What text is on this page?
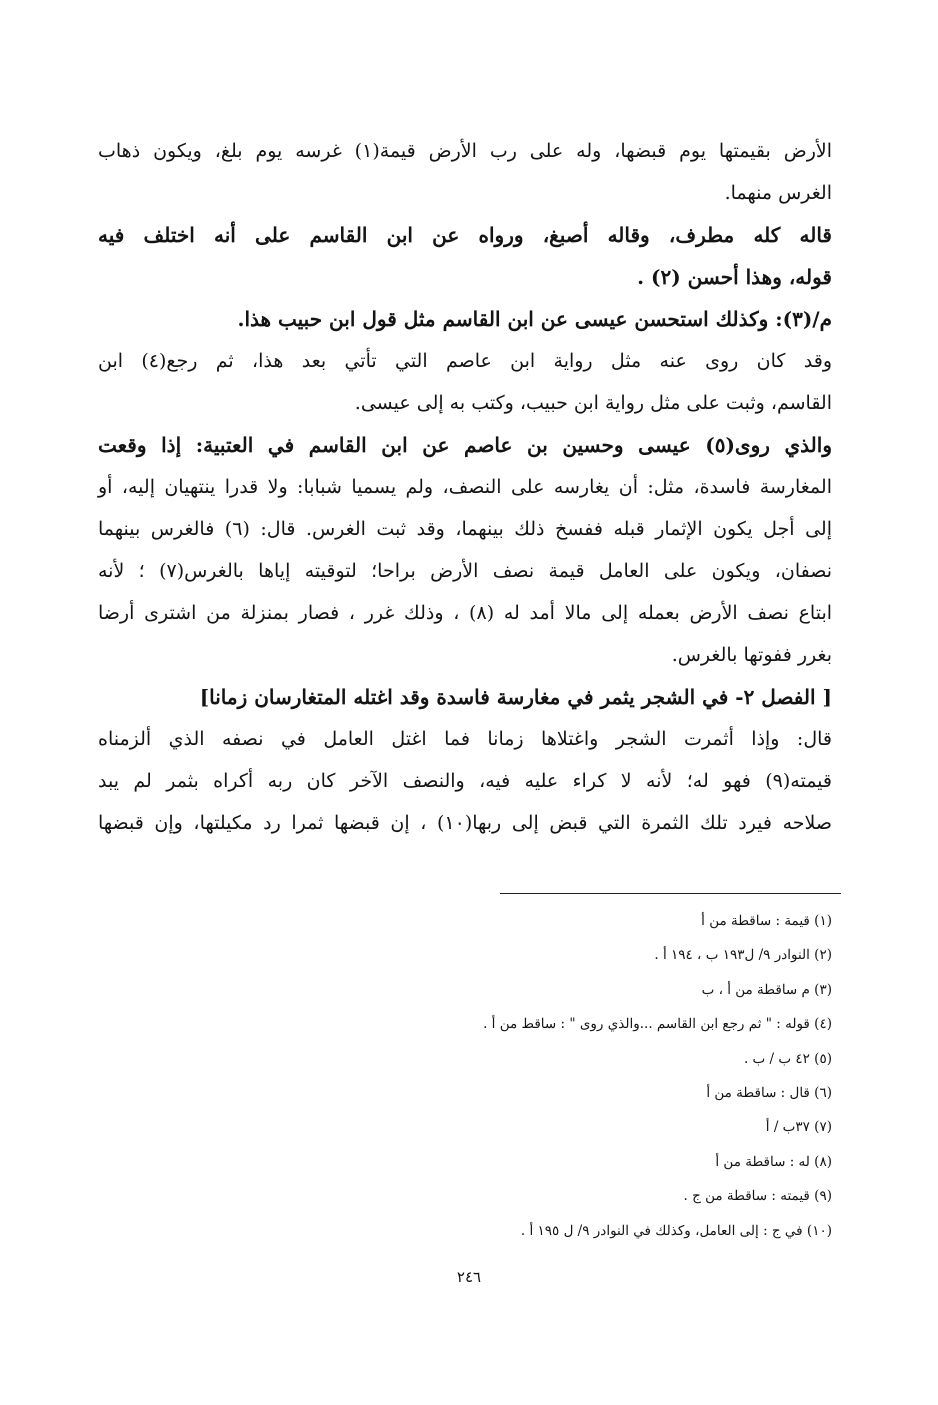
الأرض بقيمتها يوم قبضها، وله على رب الأرض قيمة(١) غرسه يوم بلغ، ويكون ذهاب
الغرس منهما.
قاله كله مطرف، وقاله أصبغ، ورواه عن ابن القاسم على أنه اختلف فيه
قوله، وهذا أحسن (٢) .
م/(٣): وكذلك استحسن عيسى عن ابن القاسم مثل قول ابن حبيب هذا.
وقد كان روى عنه مثل رواية ابن عاصم التي تأتي بعد هذا، ثم رجع(٤) ابن
القاسم، وثبت على مثل رواية ابن حبيب، وكتب به إلى عيسى.
والذي روى(٥) عيسى وحسين بن عاصم عن ابن القاسم في العتبية: إذا وقعت
المغارسة فاسدة، مثل: أن يغارسه على النصف، ولم يسميا شبابا: ولا قدرا ينتهيان إليه، أو
إلى أجل يكون الإثمار قبله ففسخ ذلك بينهما، وقد ثبت الغرس. قال: (٦) فالغرس بينهما
نصفان، ويكون على العامل قيمة نصف الأرض براحا؛ لتوقيته إياها بالغرس(٧) ؛ لأنه
ابتاع نصف الأرض بعمله إلى مالا أمد له (٨) ، وذلك غرر ، فصار بمنزلة من اشترى أرضا
بغرر ففوتها بالغرس.
[ الفصل ٢- في الشجر يثمر في مغارسة فاسدة وقد اغتله المتغارسان زمانا]
قال: وإذا أثمرت الشجر واغتلاها زمانا فما اغتل العامل في نصفه الذي ألزمناه
قيمته(٩) فهو له؛ لأنه لا كراء عليه فيه، والنصف الآخر كان ربه أكراه بثمر لم يبد
صلاحه فيرد تلك الثمرة التي قبض إلى ربها(١٠) ، إن قبضها ثمرا رد مكيلتها، وإن قبضها
(١) قيمة : ساقطة من أ
(٢) النوادر ٩/ ل١٩٣ ب ، ١٩٤ أ .
(٣) م ساقطة من أ ، ب
(٤) قوله : " ثم رجع ابن القاسم ...والذي روى " : ساقط من أ .
(٥) ٤٢ ب / ب .
(٦) قال : ساقطة من أ
(٧) ٣٧ب / أ
(٨) له : ساقطة من أ
(٩) قيمته : ساقطة من ج .
(١٠) في ج : إلى العامل، وكذلك في النوادر ٩/ ل ١٩٥ أ .
٢٤٦
